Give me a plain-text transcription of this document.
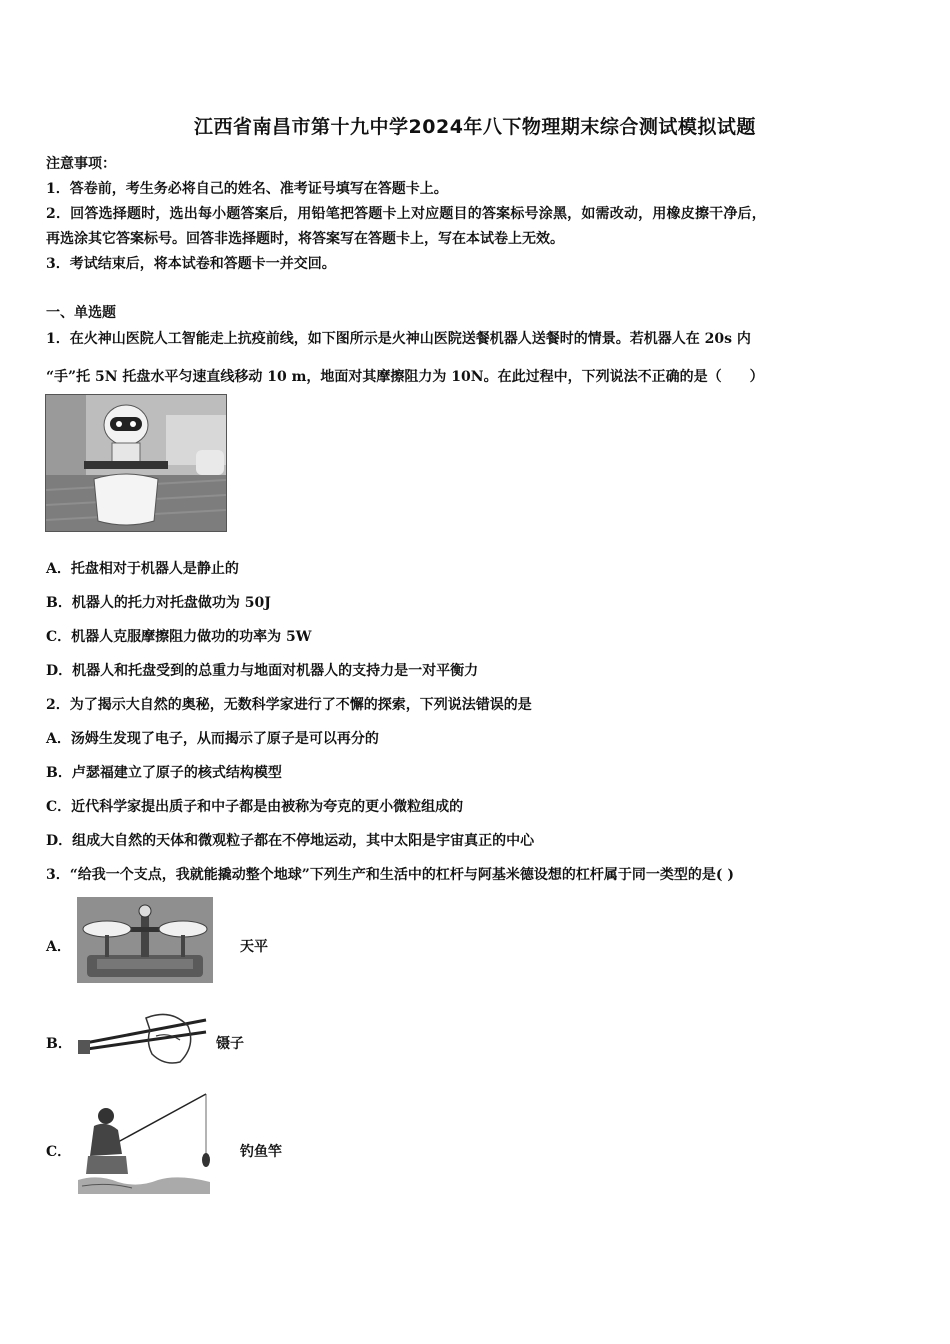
江西省南昌市第十九中学2024年八下物理期末综合测试模拟试题
注意事项：
1．答卷前，考生务必将自己的姓名、准考证号填写在答题卡上。
2．回答选择题时，选出每小题答案后，用铅笔把答题卡上对应题目的答案标号涂黑，如需改动，用橡皮擦干净后，
再选涂其它答案标号。回答非选择题时，将答案写在答题卡上，写在本试卷上无效。
3．考试结束后，将本试卷和答题卡一并交回。
一、单选题
1．在火神山医院人工智能走上抗疫前线，如下图所示是火神山医院送餐机器人送餐时的情景。若机器人在 20s 内
“手”托 5N 托盘水平匀速直线移动 10 m，地面对其摩擦阻力为 10N。在此过程中，下列说法不正确的是（　　）
A．托盘相对于机器人是静止的
B．机器人的托力对托盘做功为 50J
C．机器人克服摩擦阻力做功的功率为 5W
D．机器人和托盘受到的总重力与地面对机器人的支持力是一对平衡力
2．为了揭示大自然的奥秘，无数科学家进行了不懈的探索，下列说法错误的是
A．汤姆生发现了电子，从而揭示了原子是可以再分的
B．卢瑟福建立了原子的核式结构模型
C．近代科学家提出质子和中子都是由被称为夸克的更小微粒组成的
D．组成大自然的天体和微观粒子都在不停地运动，其中太阳是宇宙真正的中心
3．“给我一个支点，我就能撬动整个地球”下列生产和生活中的杠杆与阿基米德设想的杠杆属于同一类型的是( )
A．	天平
B．	镊子
C．	钓鱼竿
